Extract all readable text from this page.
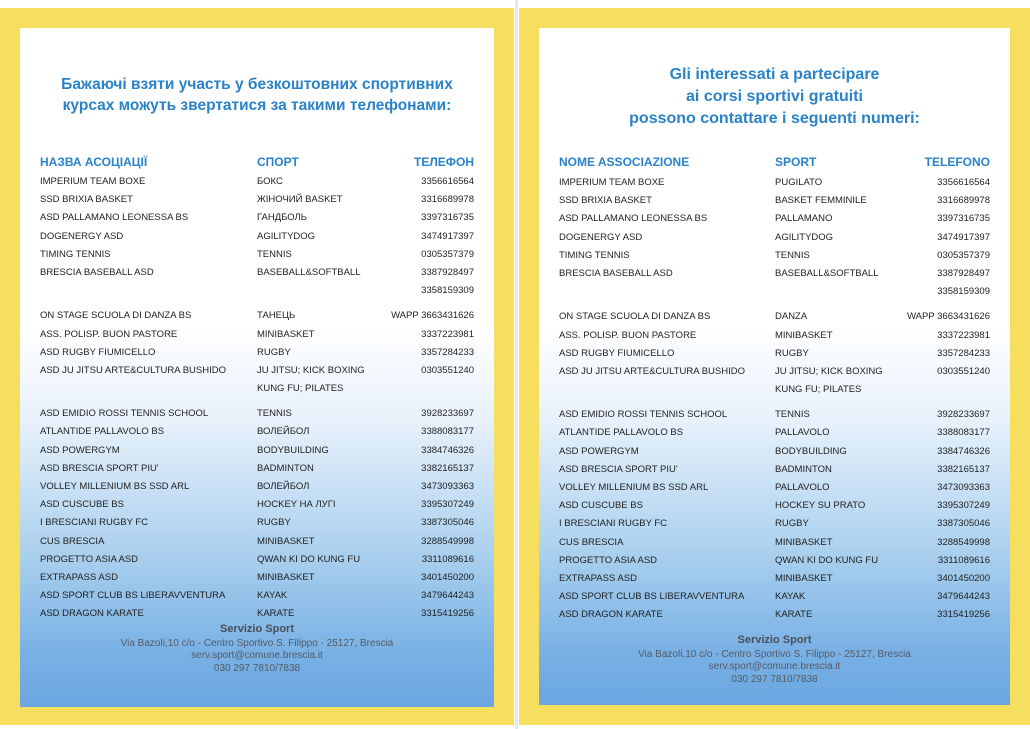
Бажаючі взяти участь у безкоштовних спортивних
курсах можуть звертатися за такими телефонами:
НАЗВА АСОЦІАЦІЇ	СПОРТ	ТЕЛЕФОН
IMPERIUM TEAM BOXE	БОКС	3356616564
SSD BRIXIA BASKET	ЖІНОЧИЙ BASKET	3316689978
ASD PALLAMANO LEONESSA BS	ГАНДБОЛЬ	3397316735
DOGENERGY ASD	AGILITYDOG	3474917397
TIMING TENNIS	TENNIS	0305357379
BRESCIA BASEBALL ASD	BASEBALL&SOFTBALL	3387928497
3358159309
ON STAGE SCUOLA DI DANZA BS	ТАНЕЦЬ	WAPP 3663431626
ASS. POLISP. BUON PASTORE	MINIBASKET	3337223981
ASD RUGBY FIUMICELLO	RUGBY	3357284233
ASD JU JITSU ARTE&CULTURA BUSHIDO	JU JITSU; KICK BOXING	0303551240
KUNG FU; PILATES
ASD EMIDIO ROSSI TENNIS SCHOOL	TENNIS	3928233697
ATLANTIDE PALLAVOLO BS	ВОЛЕЙБОЛ	3388083177
ASD POWERGYM	BODYBUILDING	3384746326
ASD BRESCIA SPORT PIU'	BADMINTON	3382165137
VOLLEY MILLENIUM BS SSD ARL	ВОЛЕЙБОЛ	3473093363
ASD CUSCUBE BS	HOCKEY НА ЛУГІ	3395307249
I BRESCIANI RUGBY FC	RUGBY	3387305046
CUS BRESCIA	MINIBASKET	3288549998
PROGETTO ASIA ASD	QWAN KI DO KUNG FU	3311089616
EXTRAPASS ASD	MINIBASKET	3401450200
ASD SPORT CLUB BS LIBERAVVENTURA	KAYAK	3479644243
ASD DRAGON KARATE	KARATE	3315419256
Servizio Sport
Via Bazoli,10 c/o - Centro Sportivo S. Filippo - 25127, Brescia
serv.sport@comune.brescia.it
030 297 7810/7838
Gli interessati a partecipare
ai corsi sportivi gratuiti
possono contattare i seguenti numeri:
NOME ASSOCIAZIONE	SPORT	TELEFONO
IMPERIUM TEAM BOXE	PUGILATO	3356616564
SSD BRIXIA BASKET	BASKET FEMMINILE	3316689978
ASD PALLAMANO LEONESSA BS	PALLAMANO	3397316735
DOGENERGY ASD	AGILITYDOG	3474917397
TIMING TENNIS	TENNIS	0305357379
BRESCIA BASEBALL ASD	BASEBALL&SOFTBALL	3387928497
3358159309
ON STAGE SCUOLA DI DANZA BS	DANZA	WAPP 3663431626
ASS. POLISP. BUON PASTORE	MINIBASKET	3337223981
ASD RUGBY FIUMICELLO	RUGBY	3357284233
ASD JU JITSU ARTE&CULTURA BUSHIDO	JU JITSU; KICK BOXING	0303551240
KUNG FU; PILATES
ASD EMIDIO ROSSI TENNIS SCHOOL	TENNIS	3928233697
ATLANTIDE PALLAVOLO BS	PALLAVOLO	3388083177
ASD POWERGYM	BODYBUILDING	3384746326
ASD BRESCIA SPORT PIU'	BADMINTON	3382165137
VOLLEY MILLENIUM BS SSD ARL	PALLAVOLO	3473093363
ASD CUSCUBE BS	HOCKEY SU PRATO	3395307249
I BRESCIANI RUGBY FC	RUGBY	3387305046
CUS BRESCIA	MINIBASKET	3288549998
PROGETTO ASIA ASD	QWAN KI DO KUNG FU	3311089616
EXTRAPASS ASD	MINIBASKET	3401450200
ASD SPORT CLUB BS LIBERAVVENTURA	KAYAK	3479644243
ASD DRAGON KARATE	KARATE	3315419256
Servizio Sport
Via Bazoli,10 c/o - Centro Sportivo S. Filippo - 25127, Brescia
serv.sport@comune.brescia.it
030 297 7810/7838
